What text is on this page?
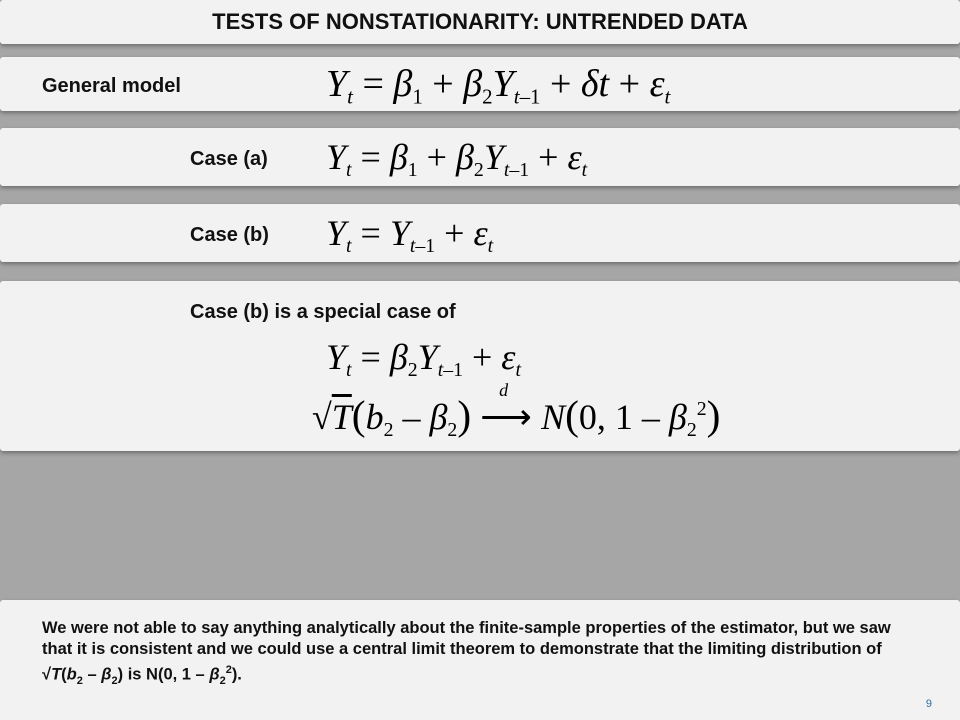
TESTS OF NONSTATIONARITY: UNTRENDED DATA
General model	$Y_t = \beta_1 + \beta_2Y_{t-1} + \delta t + \varepsilon_t$
Case (a) $Y_t = \beta_1 + \beta_2Y_{t-1} + \varepsilon_t$
Case (b) $Y_t = Y_{t-1} + \varepsilon_t$
Case (b) is a special case of
$Y_t = \beta_2Y_{t-1} + \varepsilon_t$
$√T(b_2 - \beta_2)$
d
⟶ N(0, $1 - \beta_2^2$)
We were not able to say anything analytically about the finite-sample properties of the estimator, but we saw that it is consistent and we could use a central limit theorem to demonstrate that the limiting distribution of $√T(b_2 - \beta_2)$ is N(0, $1 - \beta_2^2$).
9
